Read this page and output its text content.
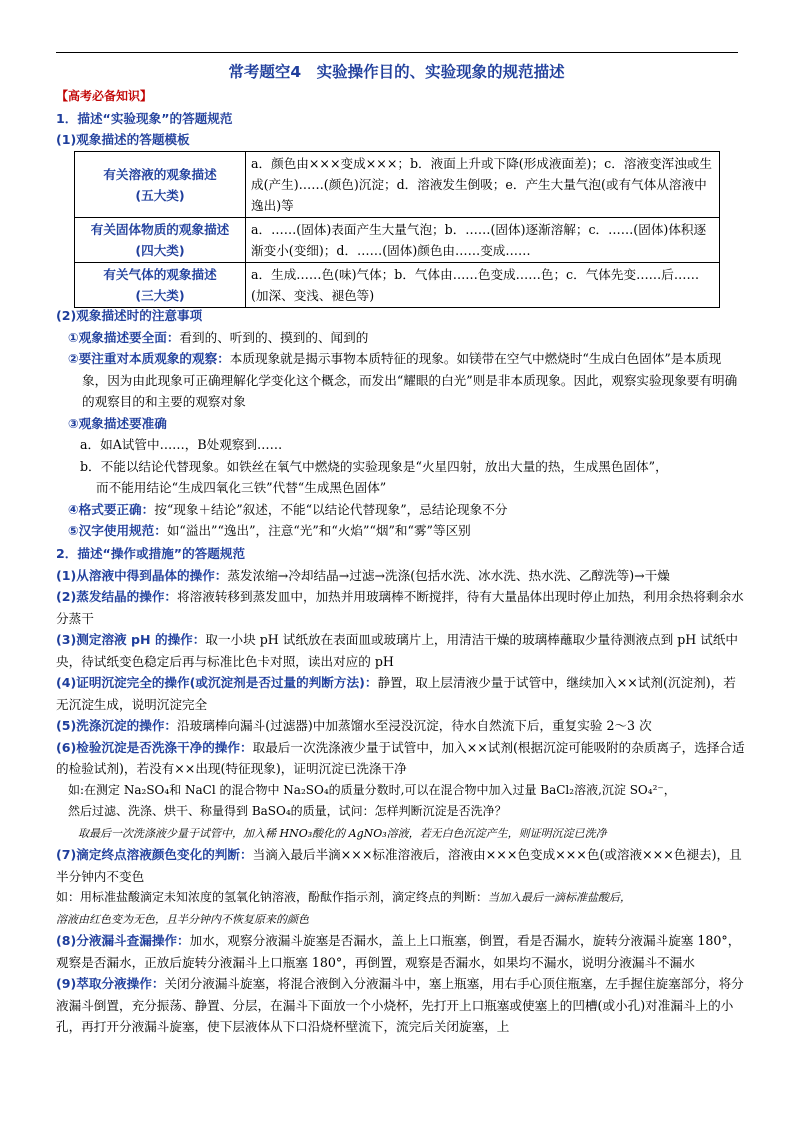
常考题空4　实验操作目的、实验现象的规范描述

【高考必备知识】

1．描述“实验现象”的答题规范

(1)观象描述的答题模板

有关溶液的观象描述
(五大类)	a．颜色由×××变成×××；b．液面上升或下降(形成液面差)；c．溶液变浑浊或生成(产生)……(颜色)沉淀；d．溶液发生倒吸；e．产生大量气泡(或有气体从溶液中逸出)等
有关固体物质的观象描述
(四大类)	a．……(固体)表面产生大量气泡；b．……(固体)逐渐溶解；c．……(固体)体积逐渐变小(变细)；d．……(固体)颜色由……变成……
有关气体的观象描述
(三大类)	a．生成……色(味)气体；b．气体由……色变成……色；c．气体先变……后……(加深、变浅、褪色等)

(2)观象描述时的注意事项

①观象描述要全面：看到的、听到的、摸到的、闻到的

②要注重对本质观象的观察：本质现象就是揭示事物本质特征的现象。如镁带在空气中燃烧时“生成白色固体”是本质现象，因为由此现象可正确理解化学变化这个概念，而发出“耀眼的白光”则是非本质现象。因此，观察实验现象要有明确的观察目的和主要的观察对象

③观象描述要准确

a．如A试管中……，B处观察到……

b．不能以结论代替现象。如铁丝在氧气中燃烧的实验现象是“火星四射，放出大量的热，生成黑色固体”，

而不能用结论“生成四氧化三铁”代替“生成黑色固体”

④格式要正确：按“现象＋结论”叙述，不能“以结论代替现象”，忌结论现象不分

⑤汉字使用规范：如“溢出”“逸出”，注意“光”和“火焰”“烟”和“雾”等区别

2．描述“操作或措施”的答题规范

(1)从溶液中得到晶体的操作：蒸发浓缩→冷却结晶→过滤→洗涤(包括水洗、冰水洗、热水洗、乙醇洗等)→干燥

(2)蒸发结晶的操作：将溶液转移到蒸发皿中，加热并用玻璃棒不断搅拌，待有大量晶体出现时停止加热，利用余热将剩余水分蒸干

(3)测定溶液 pH 的操作：取一小块 pH 试纸放在表面皿或玻璃片上，用清洁干燥的玻璃棒蘸取少量待测液点到 pH 试纸中央，待试纸变色稳定后再与标准比色卡对照，读出对应的 pH

(4)证明沉淀完全的操作(或沉淀剂是否过量的判断方法)：静置，取上层清液少量于试管中，继续加入××试剂(沉淀剂)，若无沉淀生成，说明沉淀完全

(5)洗涤沉淀的操作：沿玻璃棒向漏斗(过滤器)中加蒸馏水至浸没沉淀，待水自然流下后，重复实验 2～3 次

(6)检验沉淀是否洗涤干净的操作：取最后一次洗涤液少量于试管中，加入××试剂(根据沉淀可能吸附的杂质离子，选择合适的检验试剂)，若没有××出现(特征现象)，证明沉淀已洗涤干净

如:在测定 Na₂SO₄和 NaCl 的混合物中 Na₂SO₄的质量分数时,可以在混合物中加入过量 BaCl₂溶液,沉淀 SO₄²⁻，

然后过滤、洗涤、烘干、称量得到 BaSO₄的质量，试问：怎样判断沉淀是否洗净？

取最后一次洗涤液少量于试管中，加入稀 HNO₃酸化的 AgNO₃溶液，若无白色沉淀产生，则证明沉淀已洗净

(7)滴定终点溶液颜色变化的判断：当滴入最后半滴×××标准溶液后，溶液由×××色变成×××色(或溶液×××色褪去)，且半分钟内不变色

如：用标准盐酸滴定未知浓度的氢氧化钠溶液，酚酞作指示剂，滴定终点的判断：当加入最后一滴标准盐酸后，

溶液由红色变为无色，且半分钟内不恢复原来的颜色

(8)分液漏斗查漏操作：加水，观察分液漏斗旋塞是否漏水，盖上上口瓶塞，倒置，看是否漏水，旋转分液漏斗旋塞 180°，观察是否漏水，正放后旋转分液漏斗上口瓶塞 180°，再倒置，观察是否漏水，如果均不漏水，说明分液漏斗不漏水

(9)萃取分液操作：关闭分液漏斗旋塞，将混合液倒入分液漏斗中，塞上瓶塞，用右手心顶住瓶塞，左手握住旋塞部分，将分液漏斗倒置，充分振荡、静置、分层，在漏斗下面放一个小烧杯，先打开上口瓶塞或使塞上的凹槽(或小孔)对准漏斗上的小孔，再打开分液漏斗旋塞，使下层液体从下口沿烧杯壁流下，流完后关闭旋塞，上
